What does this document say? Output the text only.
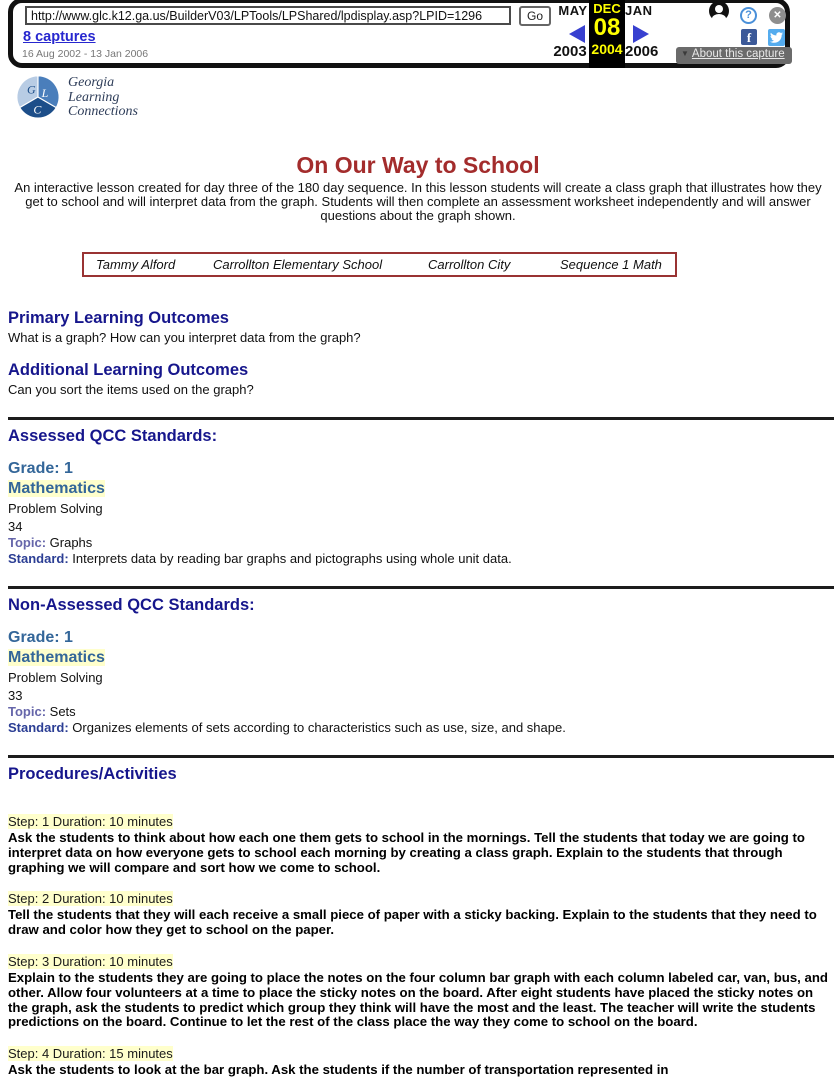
http://www.glc.k12.ga.us/BuilderV03/LPTools/LPShared/lpdisplay.asp?LPID=1296
Go
8 captures
16 Aug 2002 - 13 Jan 2006
MAY
2003
DEC
08
2004
JAN
2006
?	✕
f
▼ About this capture
G L
C
Georgia
Learning
Connections
On Our Way to School
An interactive lesson created for day three of the 180 day sequence. In this lesson students will create a class graph that illustrates how they get to school and will interpret data from the graph. Students will then complete an assessment worksheet independently and will answer questions about the graph shown.
Tammy Alford	Carrollton Elementary School	Carrollton City	Sequence 1 Math
Primary Learning Outcomes
What is a graph? How can you interpret data from the graph?
Additional Learning Outcomes
Can you sort the items used on the graph?
Assessed QCC Standards:
Grade: 1
Mathematics
Problem Solving
34
Topic: Graphs
Standard: Interprets data by reading bar graphs and pictographs using whole unit data.
Non-Assessed QCC Standards:
Grade: 1
Mathematics
Problem Solving
33
Topic: Sets
Standard: Organizes elements of sets according to characteristics such as use, size, and shape.
Procedures/Activities
Step: 1 Duration: 10 minutes
Ask the students to think about how each one them gets to school in the mornings. Tell the students that today we are going to interpret data on how everyone gets to school each morning by creating a class graph. Explain to the students that through graphing we will compare and sort how we come to school.
Step: 2 Duration: 10 minutes
Tell the students that they will each receive a small piece of paper with a sticky backing. Explain to the students that they need to draw and color how they get to school on the paper.
Step: 3 Duration: 10 minutes
Explain to the students they are going to place the notes on the four column bar graph with each column labeled car, van, bus, and other. Allow four volunteers at a time to place the sticky notes on the board. After eight students have placed the sticky notes on the graph, ask the students to predict which group they think will have the most and the least. The teacher will write the students predictions on the board. Continue to let the rest of the class place the way they come to school on the board.
Step: 4 Duration: 15 minutes
Ask the students to look at the bar graph. Ask the students if the number of transportation represented in
